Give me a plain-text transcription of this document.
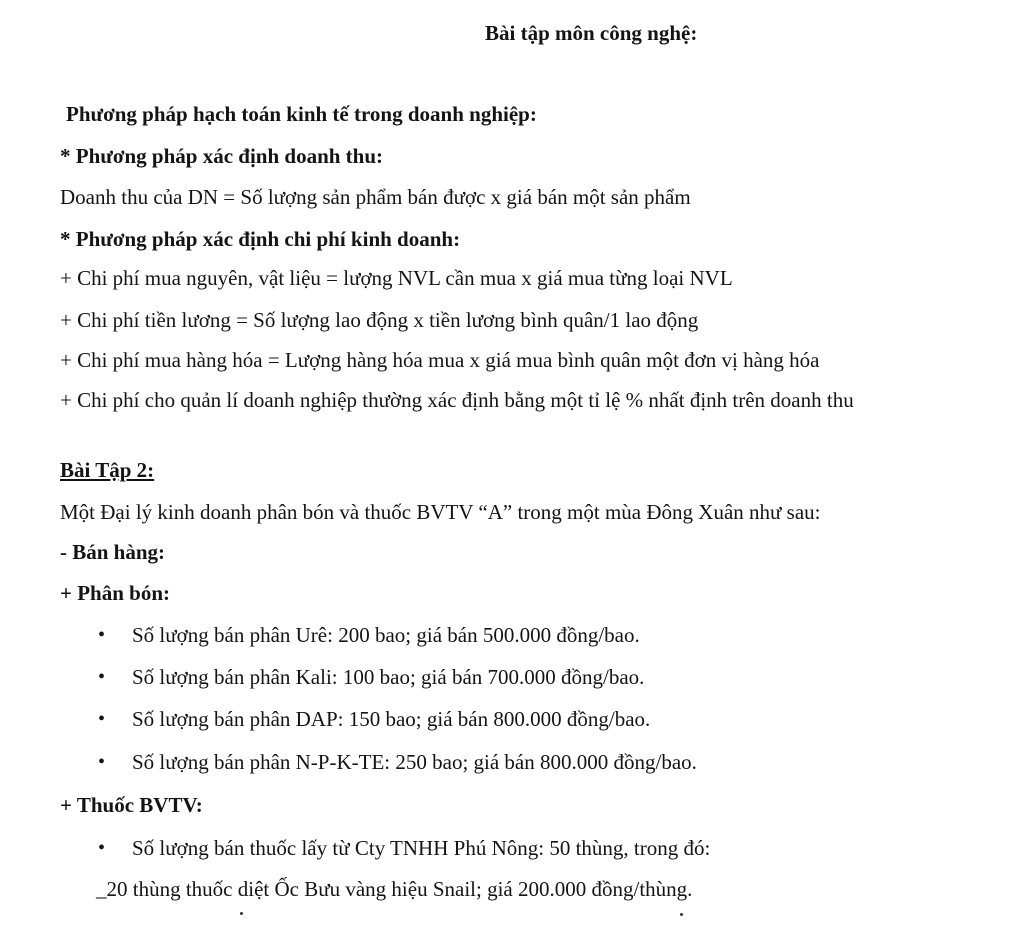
Bài tập môn công nghệ:
Phương pháp hạch toán kinh tế trong doanh nghiệp:
* Phương pháp xác định doanh thu:
Doanh thu của DN = Số lượng sản phẩm bán được x giá bán một sản phẩm
* Phương pháp xác định chi phí kinh doanh:
+ Chi phí mua nguyên, vật liệu = lượng NVL cần mua x giá mua từng loại NVL
+ Chi phí tiền lương = Số lượng lao động x tiền lương bình quân/1 lao động
+ Chi phí mua hàng hóa = Lượng hàng hóa mua x giá mua bình quân một đơn vị hàng hóa
+ Chi phí cho quản lí doanh nghiệp thường xác định bằng một tỉ lệ % nhất định trên doanh thu
Bài Tập 2:
Một Đại lý kinh doanh phân bón và thuốc BVTV “A” trong một mùa Đông Xuân như sau:
- Bán hàng:
+ Phân bón:
• Số lượng bán phân Urê: 200 bao; giá bán 500.000 đồng/bao.
• Số lượng bán phân Kali: 100 bao; giá bán 700.000 đồng/bao.
• Số lượng bán phân DAP: 150 bao; giá bán 800.000 đồng/bao.
• Số lượng bán phân N-P-K-TE: 250 bao; giá bán 800.000 đồng/bao.
+ Thuốc BVTV:
• Số lượng bán thuốc lấy từ Cty TNHH Phú Nông: 50 thùng, trong đó:
_20 thùng thuốc diệt Ốc Bưu vàng hiệu Snail; giá 200.000 đồng/thùng.
